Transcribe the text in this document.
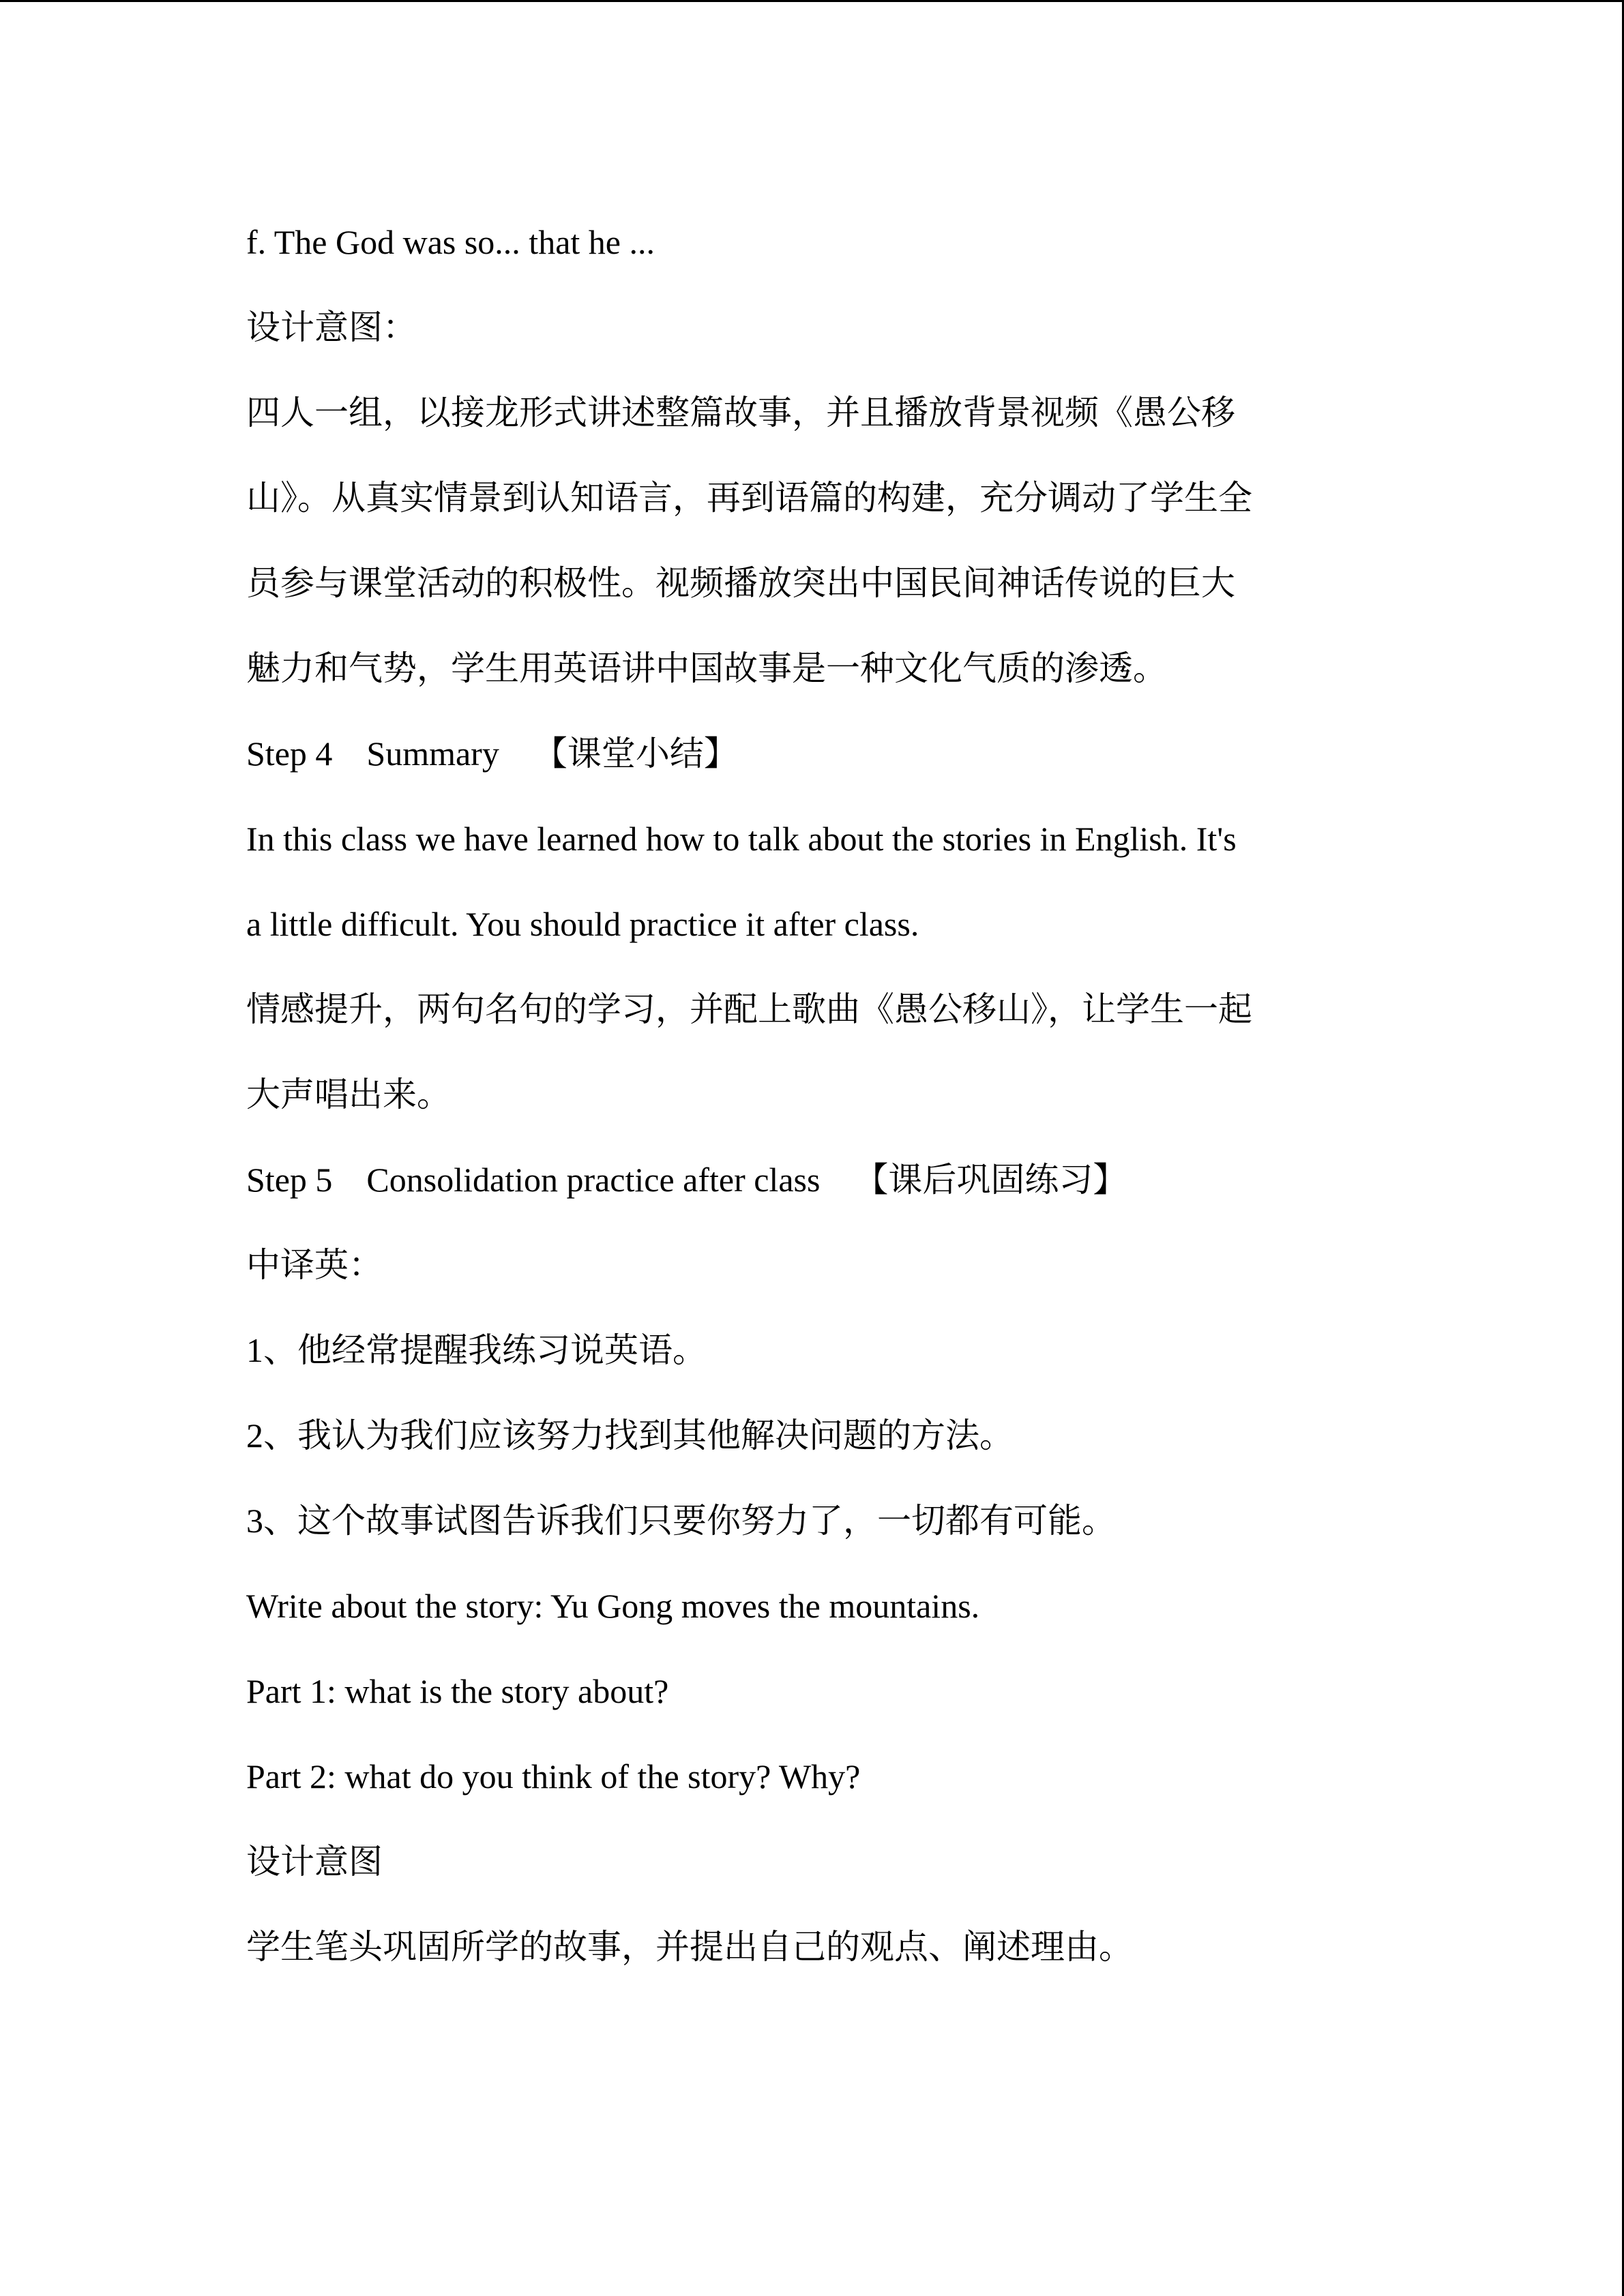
f. The God was so... that he ...
设计意图：
四人一组，以接龙形式讲述整篇故事，并且播放背景视频《愚公移
山》。从真实情景到认知语言，再到语篇的构建，充分调动了学生全
员参与课堂活动的积极性。视频播放突出中国民间神话传说的巨大
魅力和气势，学生用英语讲中国故事是一种文化气质的渗透。
Step 4    Summary    【课堂小结】
In this class we have learned how to talk about the stories in English. It's
a little difficult. You should practice it after class.
情感提升，两句名句的学习，并配上歌曲《愚公移山》，让学生一起
大声唱出来。
Step 5    Consolidation practice after class    【课后巩固练习】
中译英：
1、他经常提醒我练习说英语。
2、我认为我们应该努力找到其他解决问题的方法。
3、这个故事试图告诉我们只要你努力了，一切都有可能。
Write about the story: Yu Gong moves the mountains.
Part 1: what is the story about?
Part 2: what do you think of the story? Why?
设计意图
学生笔头巩固所学的故事，并提出自己的观点、阐述理由。
